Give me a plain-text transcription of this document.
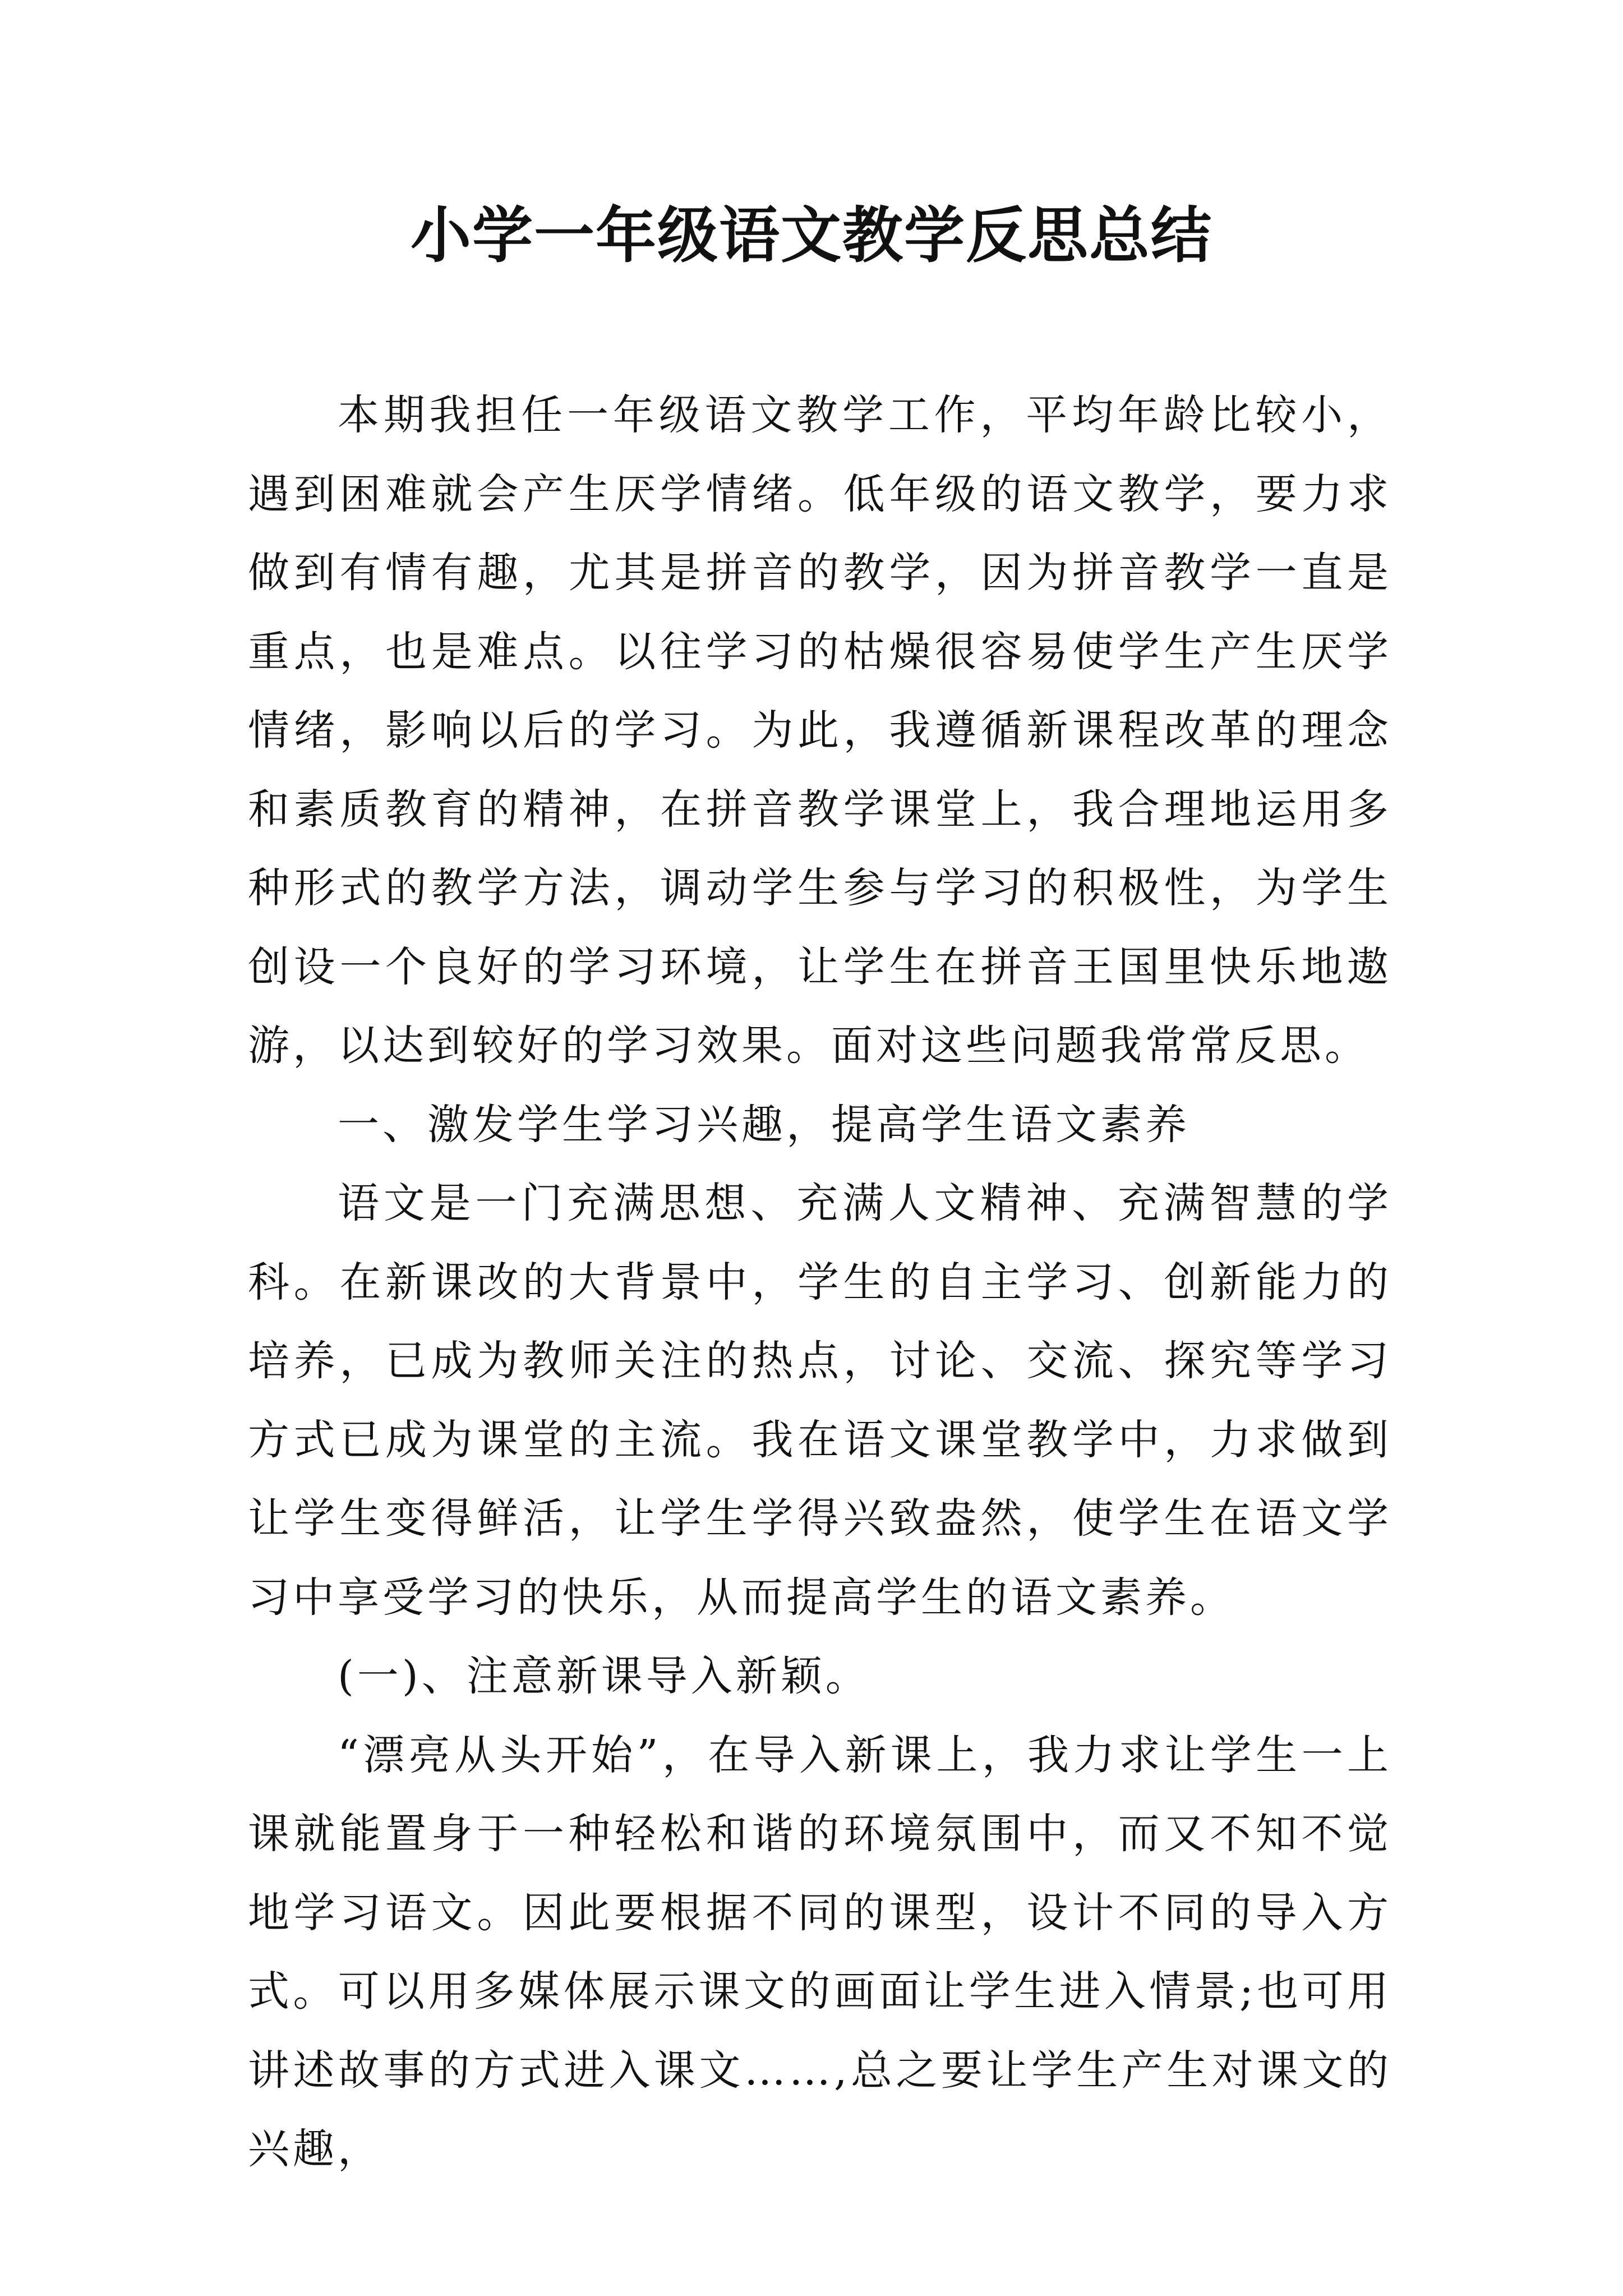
小学一年级语文教学反思总结

本期我担任一年级语文教学工作，平均年龄比较小，遇到困难就会产生厌学情绪。低年级的语文教学，要力求做到有情有趣，尤其是拼音的教学，因为拼音教学一直是重点，也是难点。以往学习的枯燥很容易使学生产生厌学情绪，影响以后的学习。为此，我遵循新课程改革的理念和素质教育的精神，在拼音教学课堂上，我合理地运用多种形式的教学方法，调动学生参与学习的积极性，为学生创设一个良好的学习环境，让学生在拼音王国里快乐地遨游，以达到较好的学习效果。面对这些问题我常常反思。

一、激发学生学习兴趣，提高学生语文素养

语文是一门充满思想、充满人文精神、充满智慧的学科。在新课改的大背景中，学生的自主学习、创新能力的培养，已成为教师关注的热点，讨论、交流、探究等学习方式已成为课堂的主流。我在语文课堂教学中，力求做到让学生变得鲜活，让学生学得兴致盎然，使学生在语文学习中享受学习的快乐，从而提高学生的语文素养。

(一)、注意新课导入新颖。

“漂亮从头开始”，在导入新课上，我力求让学生一上课就能置身于一种轻松和谐的环境氛围中，而又不知不觉地学习语文。因此要根据不同的课型，设计不同的导入方式。可以用多媒体展示课文的画面让学生进入情景;也可用讲述故事的方式进入课文……,总之要让学生产生对课文的兴趣，
